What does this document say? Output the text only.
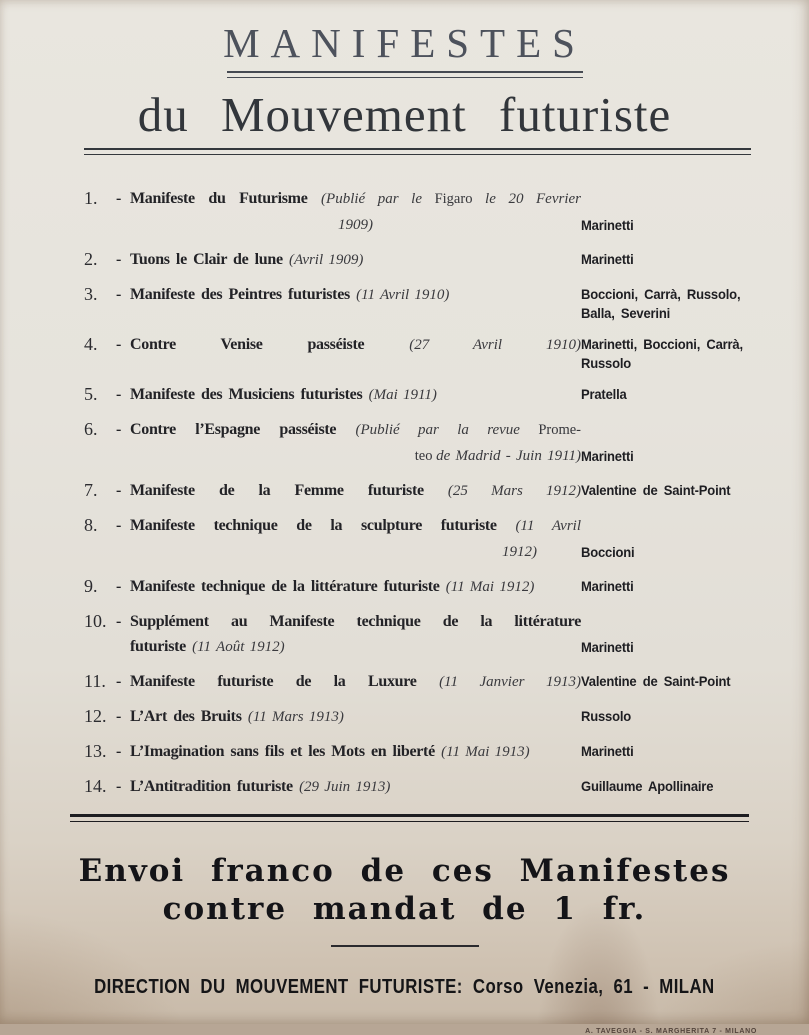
MANIFESTES
du Mouvement futuriste
1.	- Manifeste du Futurisme (Publié par le Figaro le 20 Fevrier
1909)	Marinetti
2.	- Tuons le Clair de lune (Avril 1909)	Marinetti
3.	- Manifeste des Peintres futuristes (11 Avril 1910)	Boccioni, Carrà, Russolo,
Balla, Severini
4.	- Contre Venise passéiste (27 Avril 1910) Marinetti, Boccioni, Carrà,
Russolo
5.	- Manifeste des Musiciens futuristes (Mai 1911)	Pratella
6.	- Contre l’Espagne passéiste (Publié par la revue Prome-
teo de Madrid - Juin 1911) Marinetti
7.	- Manifeste de la Femme futuriste (25 Mars 1912) Valentine de Saint-Point
8.	- Manifeste technique de la sculpture futuriste (11 Avril
1912)	Boccioni
9.	- Manifeste technique de la littérature futuriste (11 Mai 1912)	Marinetti
10. - Supplément au Manifeste technique de la littérature
futuriste (11 Août 1912)	Marinetti
11. - Manifeste futuriste de la Luxure (11 Janvier 1913) Valentine de Saint-Point
12. - L’Art des Bruits (11 Mars 1913)	Russolo
13. - L’Imagination sans fils et les Mots en liberté (11 Mai 1913)	Marinetti
14. - L’Antitradition futuriste (29 Juin 1913)	Guillaume Apollinaire
Envoi franco de ces Manifestes
contre mandat de 1 fr.
DIRECTION DU MOUVEMENT FUTURISTE: Corso Venezia, 61 - MILAN
A. TAVEGGIA - S. MARGHERITA 7 - MILANO
